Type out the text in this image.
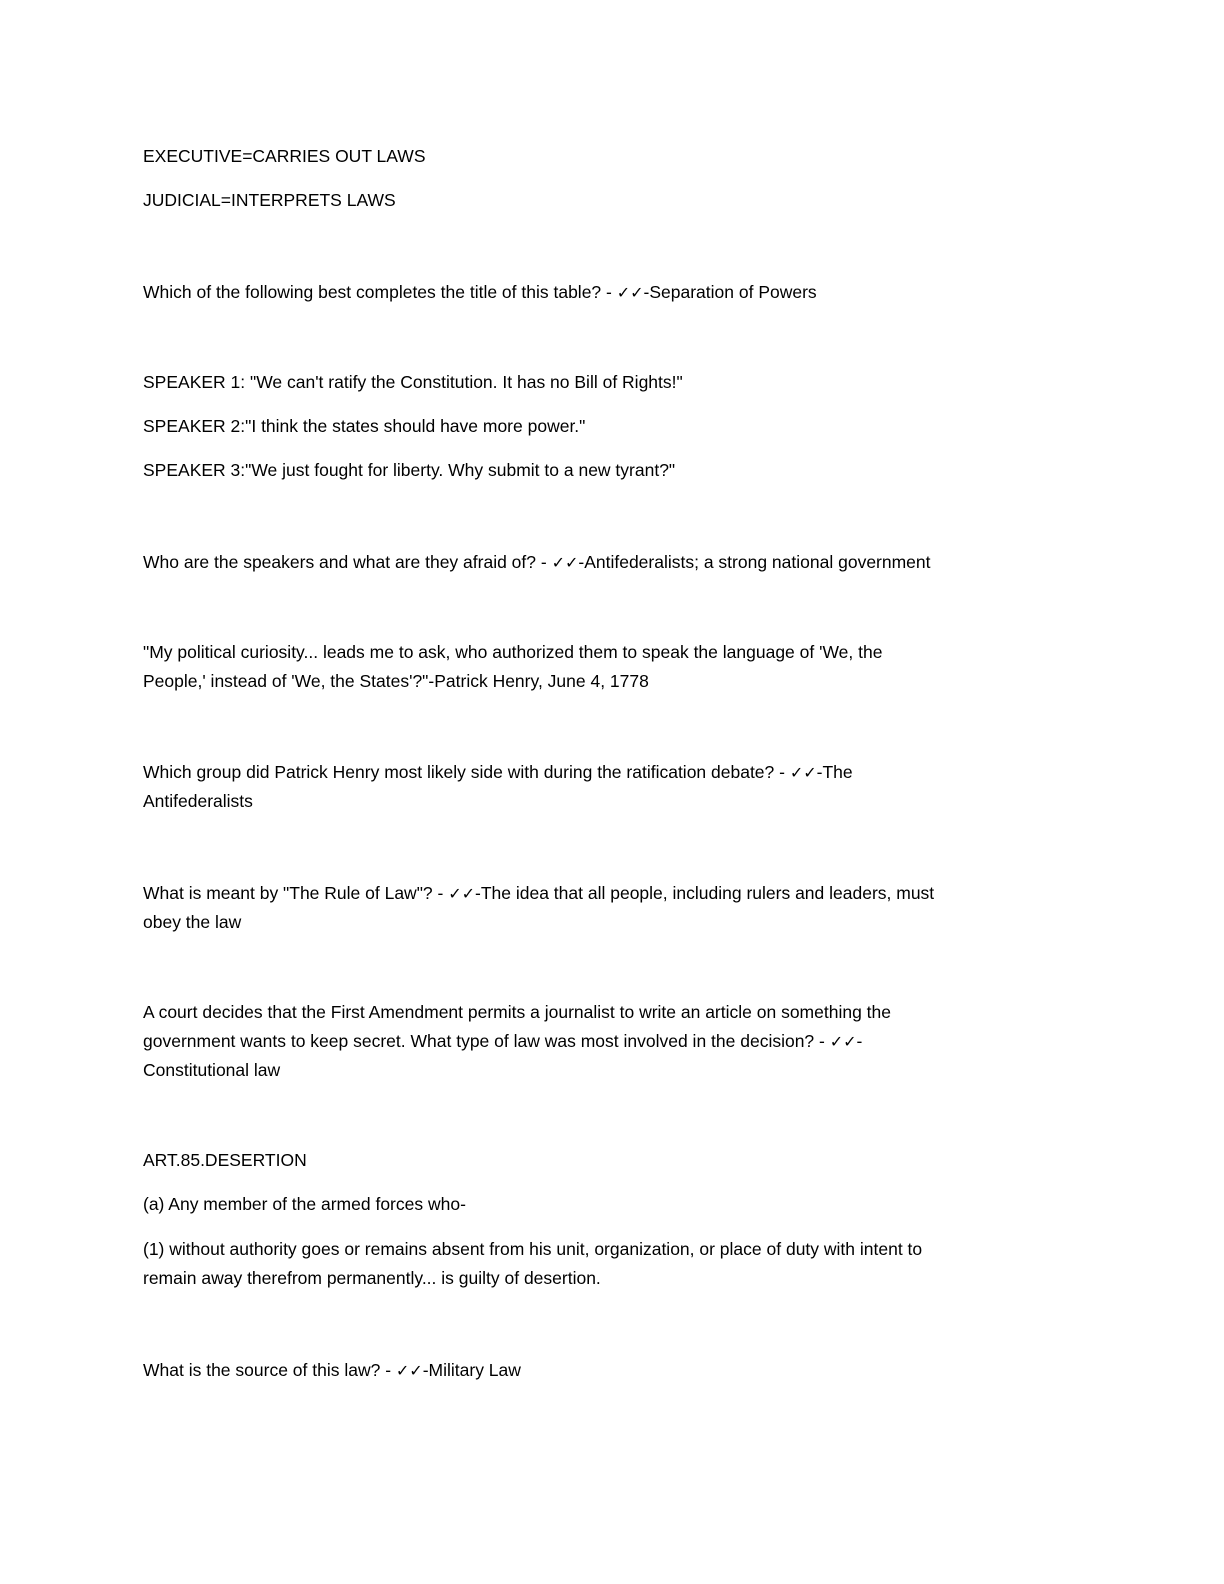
EXECUTIVE=CARRIES OUT LAWS
JUDICIAL=INTERPRETS LAWS
Which of the following best completes the title of this table? - ✓✓-Separation of Powers
SPEAKER 1: "We can't ratify the Constitution. It has no Bill of Rights!"
SPEAKER 2:"I think the states should have more power."
SPEAKER 3:"We just fought for liberty. Why submit to a new tyrant?"
Who are the speakers and what are they afraid of? - ✓✓-Antifederalists; a strong national government
"My political curiosity... leads me to ask, who authorized them to speak the language of 'We, the
People,' instead of 'We, the States'?"-Patrick Henry, June 4, 1778
Which group did Patrick Henry most likely side with during the ratification debate? - ✓✓-The
Antifederalists
What is meant by "The Rule of Law"? - ✓✓-The idea that all people, including rulers and leaders, must
obey the law
A court decides that the First Amendment permits a journalist to write an article on something the
government wants to keep secret. What type of law was most involved in the decision? - ✓✓-
Constitutional law
ART.85.DESERTION
(a) Any member of the armed forces who-
(1) without authority goes or remains absent from his unit, organization, or place of duty with intent to
remain away therefrom permanently... is guilty of desertion.
What is the source of this law? - ✓✓-Military Law
